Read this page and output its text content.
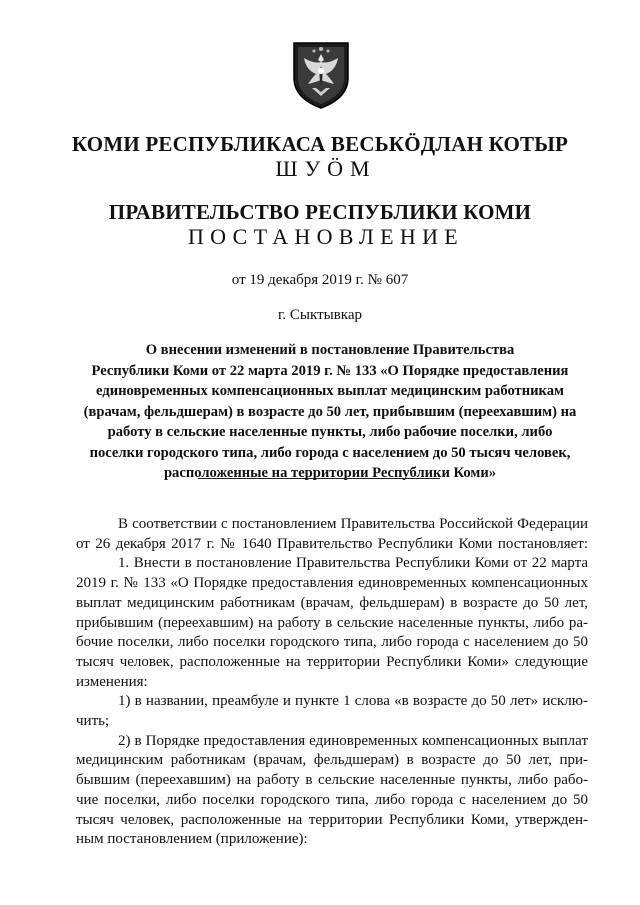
КОМИ РЕСПУБЛИКАСА ВЕСЬКӦДЛАН КОТЫР
ШУӦМ
ПРАВИТЕЛЬСТВО РЕСПУБЛИКИ КОМИ
ПОСТАНОВЛЕНИЕ
от 19 декабря 2019 г. № 607
г. Сыктывкар
О внесении изменений в постановление Правительства
Республики Коми от 22 марта 2019 г. № 133 «О Порядке предоставления
единовременных компенсационных выплат медицинским работникам
(врачам, фельдшерам) в возрасте до 50 лет, прибывшим (переехавшим) на
работу в сельские населенные пункты, либо рабочие поселки, либо
поселки городского типа, либо города с населением до 50 тысяч человек,
расположенные на территории Республики Коми»
В соответствии с постановлением Правительства Российской Федерации
от 26 декабря 2017 г. № 1640 Правительство Республики Коми постановляет:
1. Внести в постановление Правительства Республики Коми от 22 марта
2019 г. № 133 «О Порядке предоставления единовременных компенсационных
выплат медицинским работникам (врачам, фельдшерам) в возрасте до 50 лет,
прибывшим (переехавшим) на работу в сельские населенные пункты, либо ра-
бочие поселки, либо поселки городского типа, либо города с населением до 50
тысяч человек, расположенные на территории Республики Коми» следующие
изменения:
1) в названии, преамбуле и пункте 1 слова «в возрасте до 50 лет» исклю-
чить;
2) в Порядке предоставления единовременных компенсационных выплат
медицинским работникам (врачам, фельдшерам) в возрасте до 50 лет, при-
бывшим (переехавшим) на работу в сельские населенные пункты, либо рабо-
чие поселки, либо поселки городского типа, либо города с населением до 50
тысяч человек, расположенные на территории Республики Коми, утвержден-
ным постановлением (приложение):
